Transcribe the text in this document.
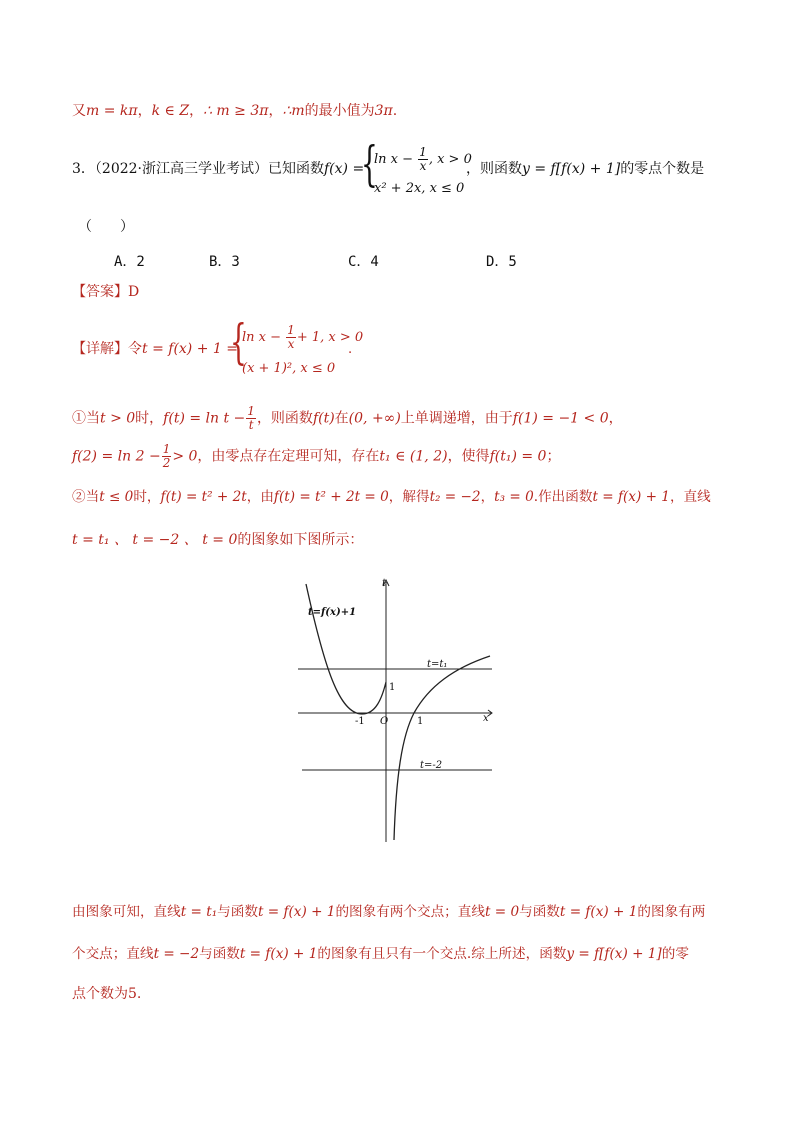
又m = kπ，k ∈ Z，∴ m ≥ 3π，∴m的最小值为3π.
3．（2022·浙江高三学业考试）已知函数f(x) =
{
$\ln x - \frac{1}{x}$ , x > 0
x² + 2x, x ≤ 0
，则函数y = f[f(x) + 1]的零点个数是
（　　）
A．2	B．3	C．4	D．5
【答案】D
【详解】令t = f(x) + 1 =
{
$\ln x - \frac{1}{x} + 1$, x > 0
(x + 1)², x ≤ 0
.
①当t > 0时，$f(t) = \ln t - \frac{1}{t}$ ，则函数f(t)在(0, +∞)上单调递增，由于f(1) = −1 < 0，
$f(2) = \ln 2 - \frac{1}{2} > 0$，由零点存在定理可知，存在t₁ ∈ (1, 2)，使得f(t₁) = 0；
②当t ≤ 0时，f(t) = t² + 2t，由f(t) = t² + 2t = 0，解得t₂ = −2，t₃ = 0.作出函数t = f(x) + 1，直线
t = t₁ 、 t = −2 、 t = 0的图象如下图所示：
t=f(x)+1
t
x
O
-1	1
1
t=t₁
t=-2
由图象可知，直线t = t₁与函数t = f(x) + 1的图象有两个交点；直线t = 0与函数t = f(x) + 1的图象有两
个交点；直线t = −2与函数t = f(x) + 1的图象有且只有一个交点.综上所述，函数y = f[f(x) + 1]的零
点个数为5.
